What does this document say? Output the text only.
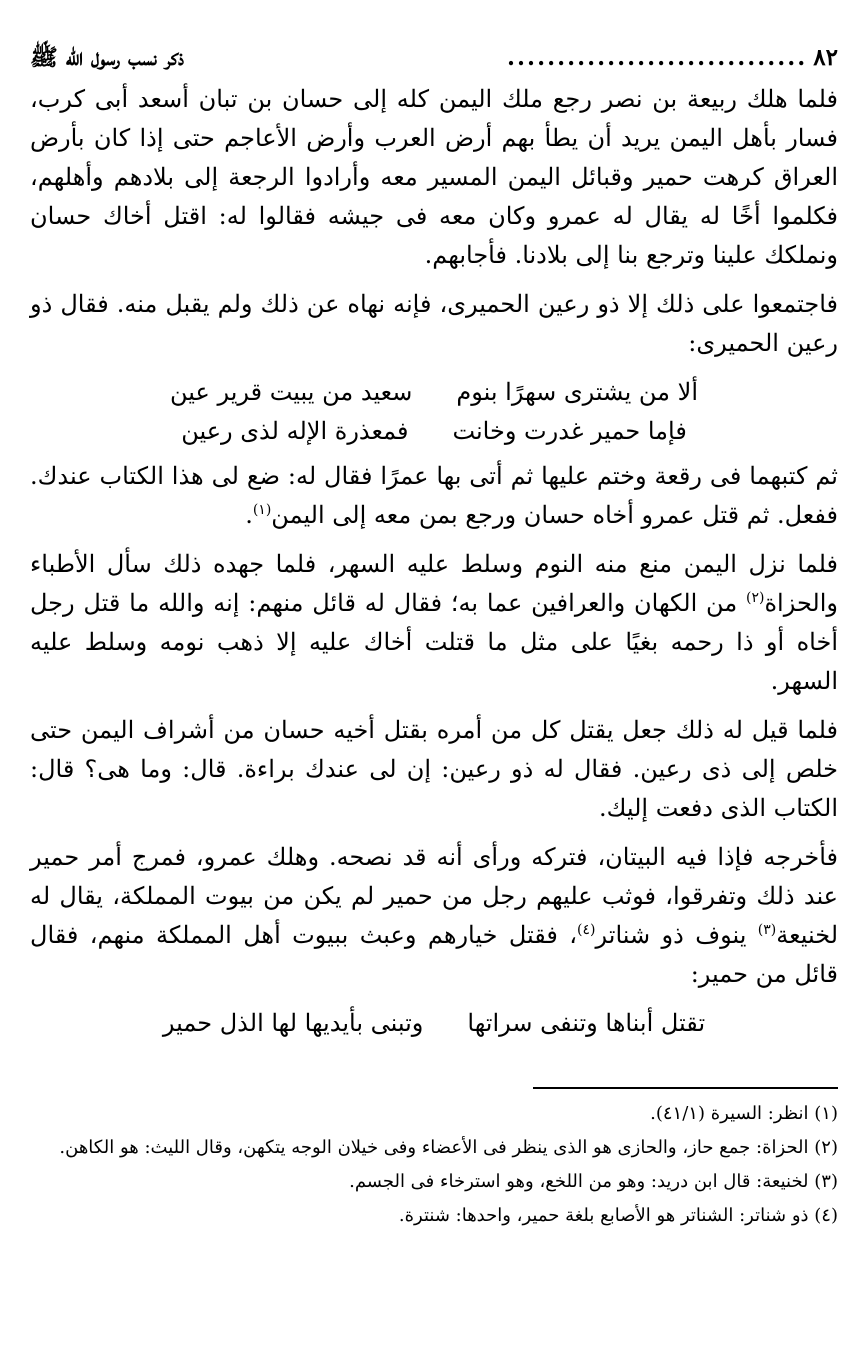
٨٢
..............................
ذكر نسب رسول الله ﷺ

فلما هلك ربيعة بن نصر رجع ملك اليمن كله إلى حسان بن تبان أسعد أبى كرب، فسار بأهل اليمن يريد أن يطأ بهم أرض العرب وأرض الأعاجم حتى إذا كان بأرض العراق كرهت حمير وقبائل اليمن المسير معه وأرادوا الرجعة إلى بلادهم وأهلهم، فكلموا أخًا له يقال له عمرو وكان معه فى جيشه فقالوا له: اقتل أخاك حسان ونملكك علينا وترجع بنا إلى بلادنا. فأجابهم.

فاجتمعوا على ذلك إلا ذو رعين الحميرى، فإنه نهاه عن ذلك ولم يقبل منه. فقال ذو رعين الحميرى:

ألا من يشترى سهرًا بنوم
سعيد من يبيت قرير عين
فإما حمير غدرت وخانت
فمعذرة الإله لذى رعين

ثم كتبهما فى رقعة وختم عليها ثم أتى بها عمرًا فقال له: ضع لى هذا الكتاب عندك. ففعل. ثم قتل عمرو أخاه حسان ورجع بمن معه إلى اليمن$^{(١)}$.

فلما نزل اليمن منع منه النوم وسلط عليه السهر، فلما جهده ذلك سأل الأطباء والحزاة$^{(٢)}$ من الكهان والعرافين عما به؛ فقال له قائل منهم: إنه والله ما قتل رجل أخاه أو ذا رحمه بغيًا على مثل ما قتلت أخاك عليه إلا ذهب نومه وسلط عليه السهر.

فلما قيل له ذلك جعل يقتل كل من أمره بقتل أخيه حسان من أشراف اليمن حتى خلص إلى ذى رعين. فقال له ذو رعين: إن لى عندك براءة. قال: وما هى؟ قال: الكتاب الذى دفعت إليك.

فأخرجه فإذا فيه البيتان، فتركه ورأى أنه قد نصحه. وهلك عمرو، فمرج أمر حمير عند ذلك وتفرقوا، فوثب عليهم رجل من حمير لم يكن من بيوت المملكة، يقال له لخنيعة$^{(٣)}$ ينوف ذو شناتر$^{(٤)}$، فقتل خيارهم وعبث ببيوت أهل المملكة منهم، فقال قائل من حمير:

تقتل أبناها وتنفى سراتها
وتبنى بأيديها لها الذل حمير

(١) انظر: السيرة (٤١/١).

(٢) الحزاة: جمع حاز، والحازى هو الذى ينظر فى الأعضاء وفى خيلان الوجه يتكهن، وقال الليث: هو الكاهن.

(٣) لخنيعة: قال ابن دريد: وهو من اللخع، وهو استرخاء فى الجسم.

(٤) ذو شناتر: الشناتر هو الأصابع بلغة حمير، واحدها: شنترة.
